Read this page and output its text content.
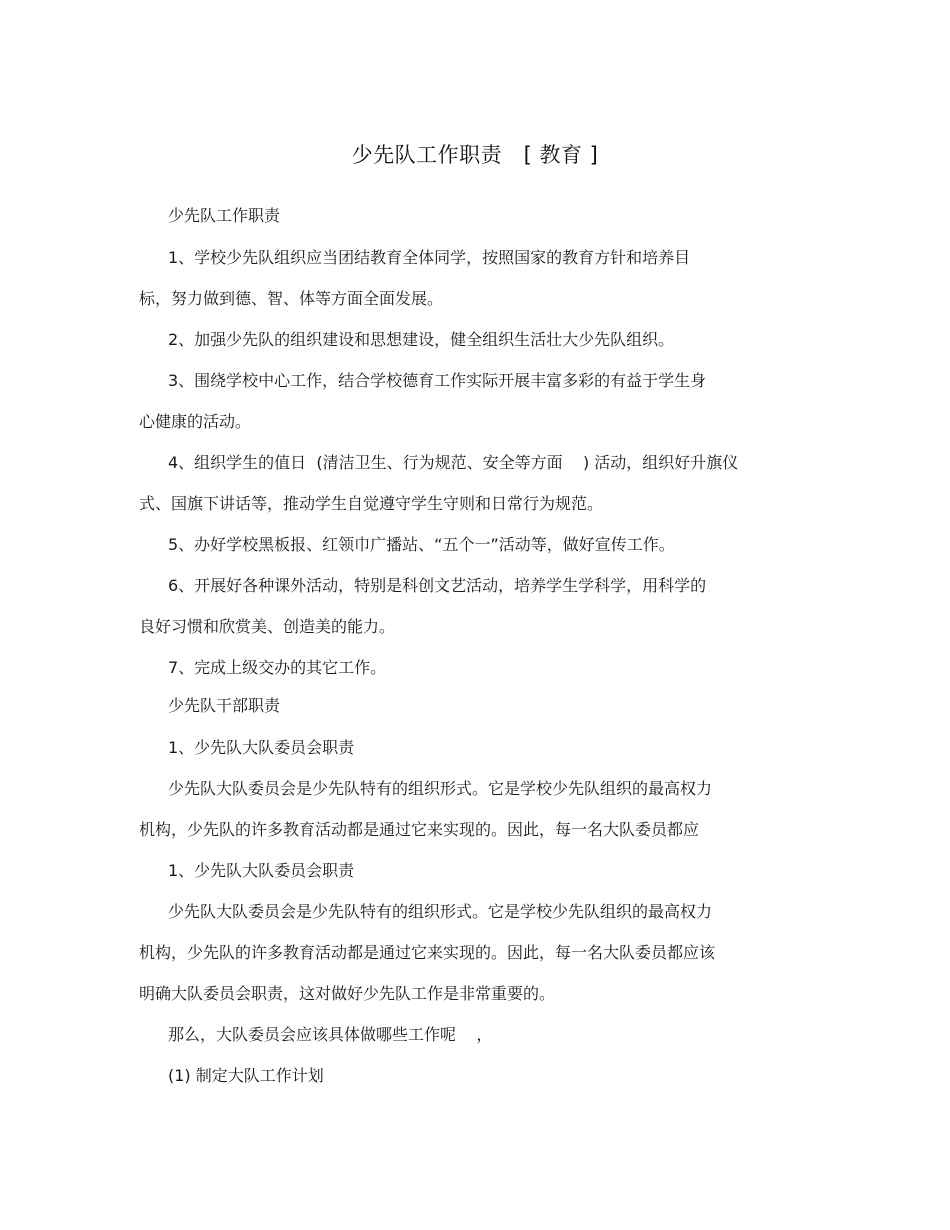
少先队工作职责   [ 教育 ]
少先队工作职责
1、学校少先队组织应当团结教育全体同学，按照国家的教育方针和培养目
标，努力做到德、智、体等方面全面发展。
2、加强少先队的组织建设和思想建设，健全组织生活壮大少先队组织。
3、围绕学校中心工作，结合学校德育工作实际开展丰富多彩的有益于学生身
心健康的活动。
4、组织学生的值日  (清洁卫生、行为规范、安全等方面    ) 活动，组织好升旗仪
式、国旗下讲话等，推动学生自觉遵守学生守则和日常行为规范。
5、办好学校黑板报、红领巾广播站、“五个一”活动等，做好宣传工作。
6、开展好各种课外活动，特别是科创文艺活动，培养学生学科学，用科学的
良好习惯和欣赏美、创造美的能力。
7、完成上级交办的其它工作。
少先队干部职责
1、少先队大队委员会职责
少先队大队委员会是少先队特有的组织形式。它是学校少先队组织的最高权力
机构，少先队的许多教育活动都是通过它来实现的。因此，每一名大队委员都应
1、少先队大队委员会职责
少先队大队委员会是少先队特有的组织形式。它是学校少先队组织的最高权力
机构，少先队的许多教育活动都是通过它来实现的。因此，每一名大队委员都应该
明确大队委员会职责，这对做好少先队工作是非常重要的。
那么，大队委员会应该具体做哪些工作呢    ，
(1) 制定大队工作计划
